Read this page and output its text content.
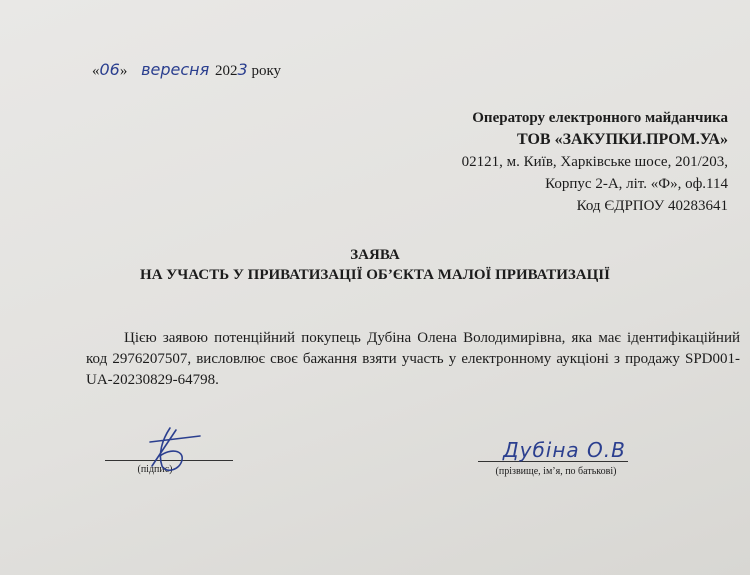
«06» вересня 2023 року
Оператору електронного майданчика
ТОВ «ЗАКУПКИ.ПРОМ.УА»
02121, м. Київ, Харківське шосе, 201/203,
Корпус 2-А, літ. «Ф», оф.114
Код ЄДРПОУ 40283641
ЗАЯВА
НА УЧАСТЬ У ПРИВАТИЗАЦІЇ ОБ’ЄКТА МАЛОЇ ПРИВАТИЗАЦІЇ

Цією заявою потенційний покупець Дубіна Олена Володимирівна, яка має ідентифікаційний код 2976207507, висловлює своє бажання взяти участь у електронному аукціоні з продажу SPD001-UA-20230829-64798.

(підпис)	(прізвище, ім’я, по батькові)
Дубіна О.В
